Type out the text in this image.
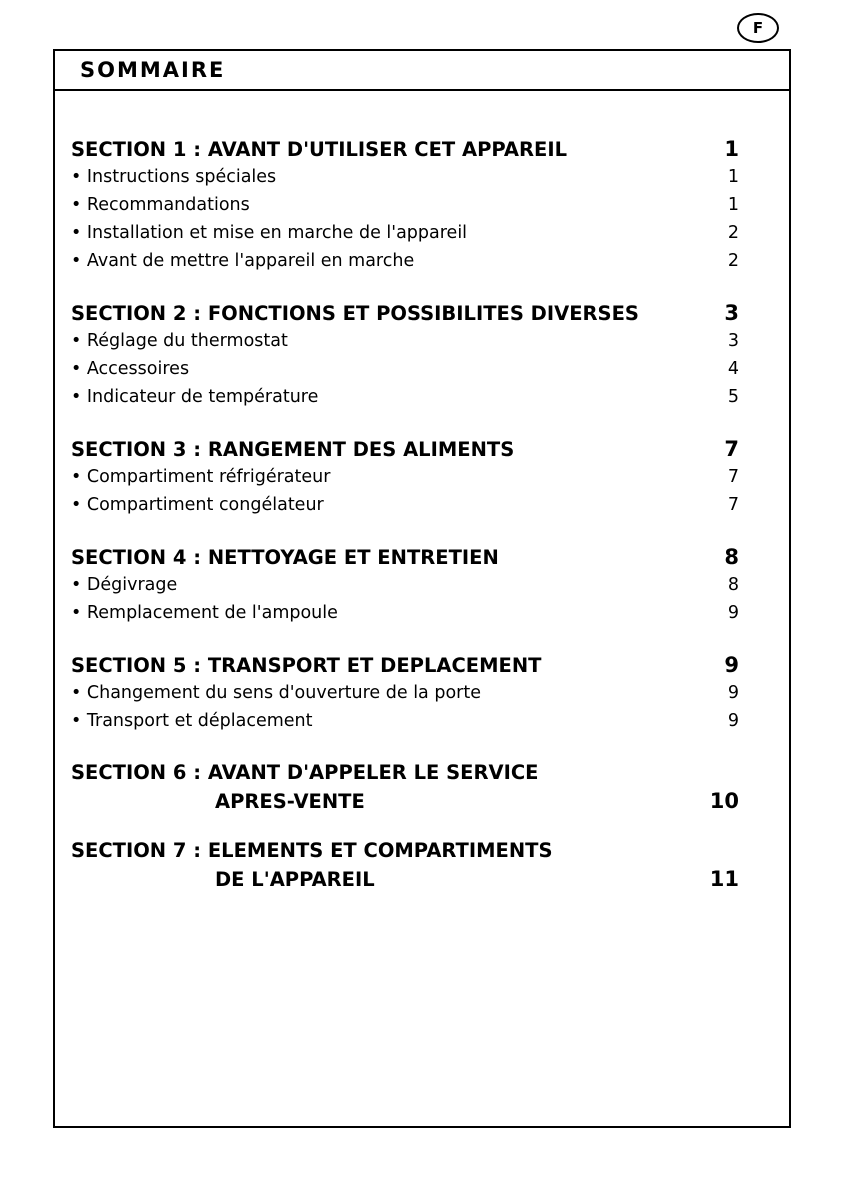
F
SOMMAIRE
SECTION 1 : AVANT D'UTILISER CET APPAREIL	1
• Instructions spéciales	1
• Recommandations	1
• Installation et mise en marche de l'appareil	2
• Avant de mettre l'appareil en marche	2
SECTION 2 : FONCTIONS ET POSSIBILITES DIVERSES	3
• Réglage du thermostat	3
• Accessoires	4
• Indicateur de température	5
SECTION 3 : RANGEMENT DES ALIMENTS	7
• Compartiment réfrigérateur	7
• Compartiment congélateur	7
SECTION 4 : NETTOYAGE ET ENTRETIEN	8
• Dégivrage	8
• Remplacement de l'ampoule	9
SECTION 5 : TRANSPORT ET DEPLACEMENT	9
• Changement du sens d'ouverture de la porte	9
• Transport et déplacement	9
SECTION 6 : AVANT D'APPELER LE SERVICE
APRES-VENTE	10
SECTION 7 : ELEMENTS ET COMPARTIMENTS
DE L'APPAREIL	11
